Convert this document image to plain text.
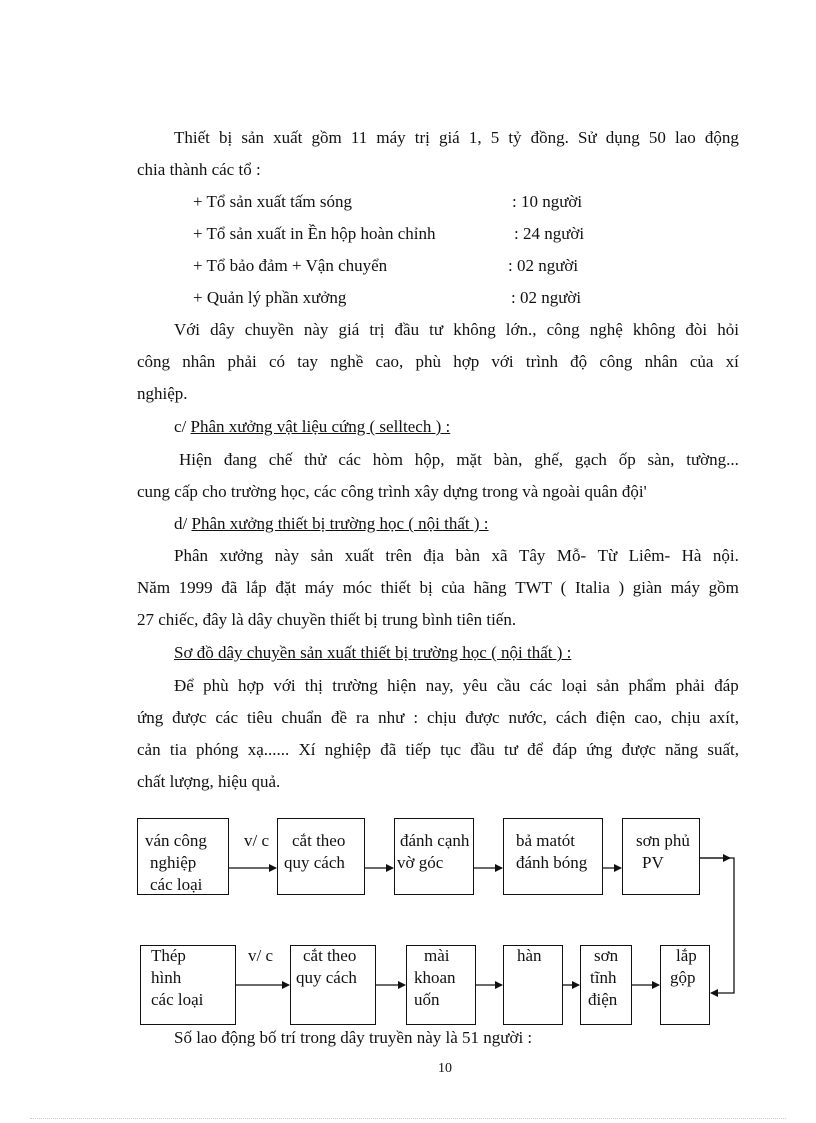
Thiết bị sản xuất gồm 11 máy trị giá 1, 5 tỷ đồng. Sử dụng 50 lao động
chia thành các tổ :
+ Tổ sản xuất tấm sóng	: 10 người
+ Tổ sản xuất in Ền hộp hoàn chỉnh	: 24 người
+ Tổ bảo đảm + Vận chuyển	: 02 người
+ Quản lý phần xưởng	: 02 người
Với dây chuyền này giá trị đầu tư không lớn., công nghệ không đòi hỏi
công nhân phải có tay nghề cao, phù hợp với trình độ công nhân của xí
nghiệp.
c/ Phân xưởng vật liệu cứng ( selltech ) :
Hiện đang chế thử các hòm hộp, mặt bàn, ghế, gạch ốp sàn, tường...
cung cấp cho trường học, các công trình xây dựng trong và ngoài quân đội'
d/ Phân xưởng thiết bị trường học ( nội thất ) :
Phân xưởng này sản xuất trên địa bàn xã Tây Mỗ- Từ Liêm- Hà nội.
Năm 1999 đã lắp đặt máy móc thiết bị của hãng TWT ( Italia ) giàn máy gồm
27 chiếc, đây là dây chuyền thiết bị trung bình tiên tiến.
Sơ đồ dây chuyền sản xuất thiết bị trường học ( nội thất ) :
Để phù hợp với thị trường hiện nay, yêu cầu các loại sản phẩm phải đáp
ứng được các tiêu chuẩn đề ra như : chịu được nước, cách điện cao, chịu axít,
cản tia phóng xạ...... Xí nghiệp đã tiếp tục đầu tư để đáp ứng được năng suất,
chất lượng, hiệu quả.
ván công
nghiệp
các loại
cắt theo
quy cách
đánh cạnh
vờ góc
bả matót
đánh bóng
sơn phủ
PV
v/ c
Thép
hình
các loại
cắt theo
quy cách
mài
khoan
uốn
hàn	sơn
tĩnh
điện
lắp
gộp
v/ c
Số lao động bố trí trong dây truyền này là 51 người :
10
